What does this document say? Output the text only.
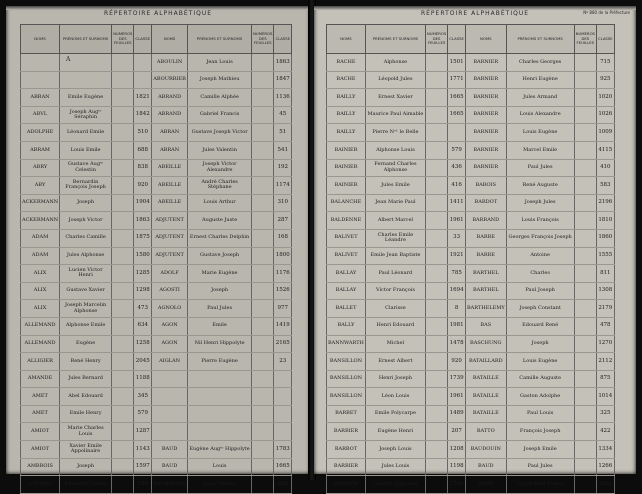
RÉPERTOIRE ALPHABÉTIQUE
A
NOMS	PRÉNOMS ET SURNOMS	NUMÉROS DES FEUILLES	CLASSE	NOMS	PRÉNOMS ET SURNOMS	NUMÉROS DES FEUILLES	CLASSE
				ABOULIN	Jean Louis		1863
				ABOURRIER	Joseph Mathieu		1847
ABRAN	Emile Eugène		1821	ABRAND	Camille Alphée		1136
ABVL	Joseph Augᵗᵉ Séraphin		1842	ABRAND	Gabriel Francis		45
ADOLPHE	Léonard Emile		510	ABRAN	Gustave Joseph Victor		51
ABRAM	Louis Emile		688	ABRAN	Jules Valentin		541
ABRY	Gustave Augᵗᵉ Celestin		838	ABEILLE	Joseph Victor Alexandre		192
ABY	Bernardin François Joseph		920	ABEILLE	André Charles Stéphane		1174
ACKERMANN	Joseph		1904	ABEILLE	Louis Arthur		310
ACKERMANN	Joseph Victor		1863	ADJUTENT	Auguste Juste		287
ADAM	Charles Camille		1875	ADJUTENT	Ernest Charles Delphin		168
ADAM	Jules Alphonse		1580	ADJUTENT	Gustave Joseph		1800
ALIX	Lucien Victor Henri		1285	ADOLF	Marie Eugène		1176
ALIX	Gustave Xavier		1298	AGOSTI	Joseph		1526
ALIX	Joseph Marcelin Alphonse		473	AGNOLO	Paul Jules		977
ALLEMAND	Alphonse Emile		634	AGON	Emile		1419
ALLEMAND	Eugène		1258	AGON	Nil Henri Hippolyte		2165
ALLIGIER	René Henry		2045	AIGLAN	Pierre Eugène		23
AMANDE	Jules Bernard		1188				
AMET	Abel Edouard		345				
AMET	Emile Henry		579				
AMIOT	Marie Charles Louis		1287				
AMIOT	Xavier Emile Appolinaire		1143	BAUD	Eugène Augᵗᵉ Hippolyte		1783
AMBROIS	Joseph		1597	BAUD	Louis		1665
ANDRIEU	Edmond Charles		796	BACHMANN	Louis Olivier		626
RÉPERTOIRE ALPHABÉTIQUE	Nº 880 de la Préfecture
NOMS	PRÉNOMS ET SURNOMS	NUMÉROS DES FEUILLES	CLASSE	NOMS	PRÉNOMS ET SURNOMS	NUMÉROS DES FEUILLES	CLASSE
BACHE	Alphonse		1501	BARNIER	Charles Georges		715
BACHE	Léopold Jules		1771	BARNIER	Henri Eugène		925
BAILLY	Ernest Xavier		1665	BARNIER	Jules Armand		1020
BAILLY	Maurice Paul Aimable		1665	BARNIER	Louis Alexandre		1026
BAILLY	Pierre Nᵒ¹ le Belle			BARNIER	Louis Eugène		1009
BAINIER	Alphonse Louis		579	BARNIER	Marcel Emile		4115
BAINIER	Fernand Charles Alphonse		436	BARNIER	Paul Jules		410
BAINIER	Jules Emile		416	BAROIS	René Auguste		583
BALANCHE	Jean Marie Paul		1411	BARDOT	Joseph Jules		2196
BALDENNE	Albert Marcel		1961	BARRAND	Louis François		1810
BALIVET	Charles Emile Léandre		33	BARRE	Georges François Joseph		1860
BALIVET	Emile Jean Baptiste		1921	BARRE	Antoine		1555
BALLAY	Paul Léonard		785	BARTHEL	Charles		811
BALLAY	Victor François		1694	BARTHEL	Paul Joseph		1308
BALLET	Clarisse		8	BARTHELEMY	Joseph Constant		2179
BALLY	Henri Edouard		1981	BAS	Edouard René		478
BANNWARTH	Michel		1478	BASCHUNG	Joseph		1270
BANSILLON	Ernest Albert		920	BATAILLARD	Louis Eugène		2112
BANSILLON	Henri Joseph		1739	BATAILLE	Camille Auguste		875
BANSILLON	Léon Louis		1961	BATAILLE	Gaston Adolphe		1014
BARBET	Emile Polycarpe		1489	BATAILLE	Paul Louis		325
BARBIER	Eugène Henri		207	BATTO	François Joseph		422
BARBOT	Joseph Louis		1208	BAUDOUIN	Joseph Emile		1334
BARBIER	Jules Louis		1198	BAUD	Paul Jules		1266
BARBIER	Charles Alphonse		1796	BAUD	Virgile Paul Ernest		1261
